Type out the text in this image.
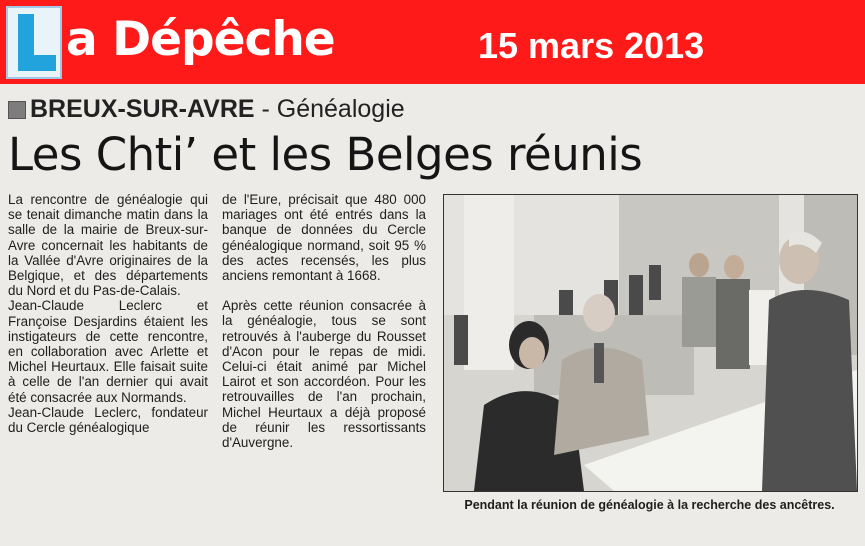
a Dépêche	15 mars 2013
BREUX-SUR-AVRE - Généalogie
Les Chti’ et les Belges réunis

La rencontre de généalogie qui se tenait dimanche matin dans la salle de la mairie de Breux-sur-Avre concernait les habitants de la Vallée d'Avre originaires de la Belgique, et des départements du Nord et du Pas-de-Calais.

Jean-Claude Leclerc et Françoise Desjardins étaient les instigateurs de cette rencontre, en collaboration avec Arlette et Michel Heurtaux. Elle faisait suite à celle de l'an dernier qui avait été consacrée aux Normands.

Jean-Claude Leclerc, fondateur du Cercle généalogique

de l'Eure, précisait que 480 000 mariages ont été entrés dans la banque de données du Cercle généalogique normand, soit 95 % des actes recensés, les plus anciens remontant à 1668.

Après cette réunion consacrée à la généalogie, tous se sont retrouvés à l'auberge du Rousset d'Acon pour le repas de midi. Celui-ci était animé par Michel Lairot et son accordéon. Pour les retrouvailles de l'an prochain, Michel Heurtaux a déjà proposé de réunir les ressortissants d'Auvergne.

Pendant la réunion de généalogie à la recherche des ancêtres.
